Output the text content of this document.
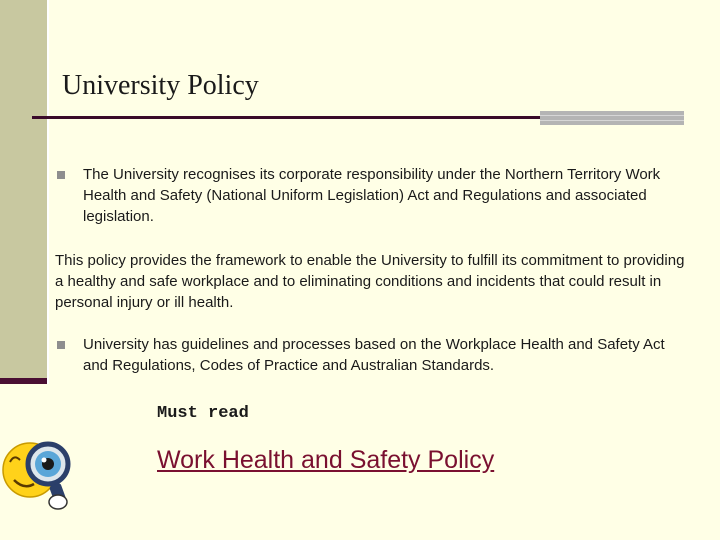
University Policy
The University recognises its corporate responsibility under the Northern Territory Work Health and Safety (National Uniform Legislation) Act and Regulations and associated legislation.
This policy provides the framework to enable the University to fulfill its commitment to providing a healthy and safe workplace and to eliminating conditions and incidents that could result in personal injury or ill health.
University has guidelines and processes based on the Workplace Health and Safety Act and Regulations, Codes of Practice and Australian Standards.
Must read
Work Health and Safety Policy
